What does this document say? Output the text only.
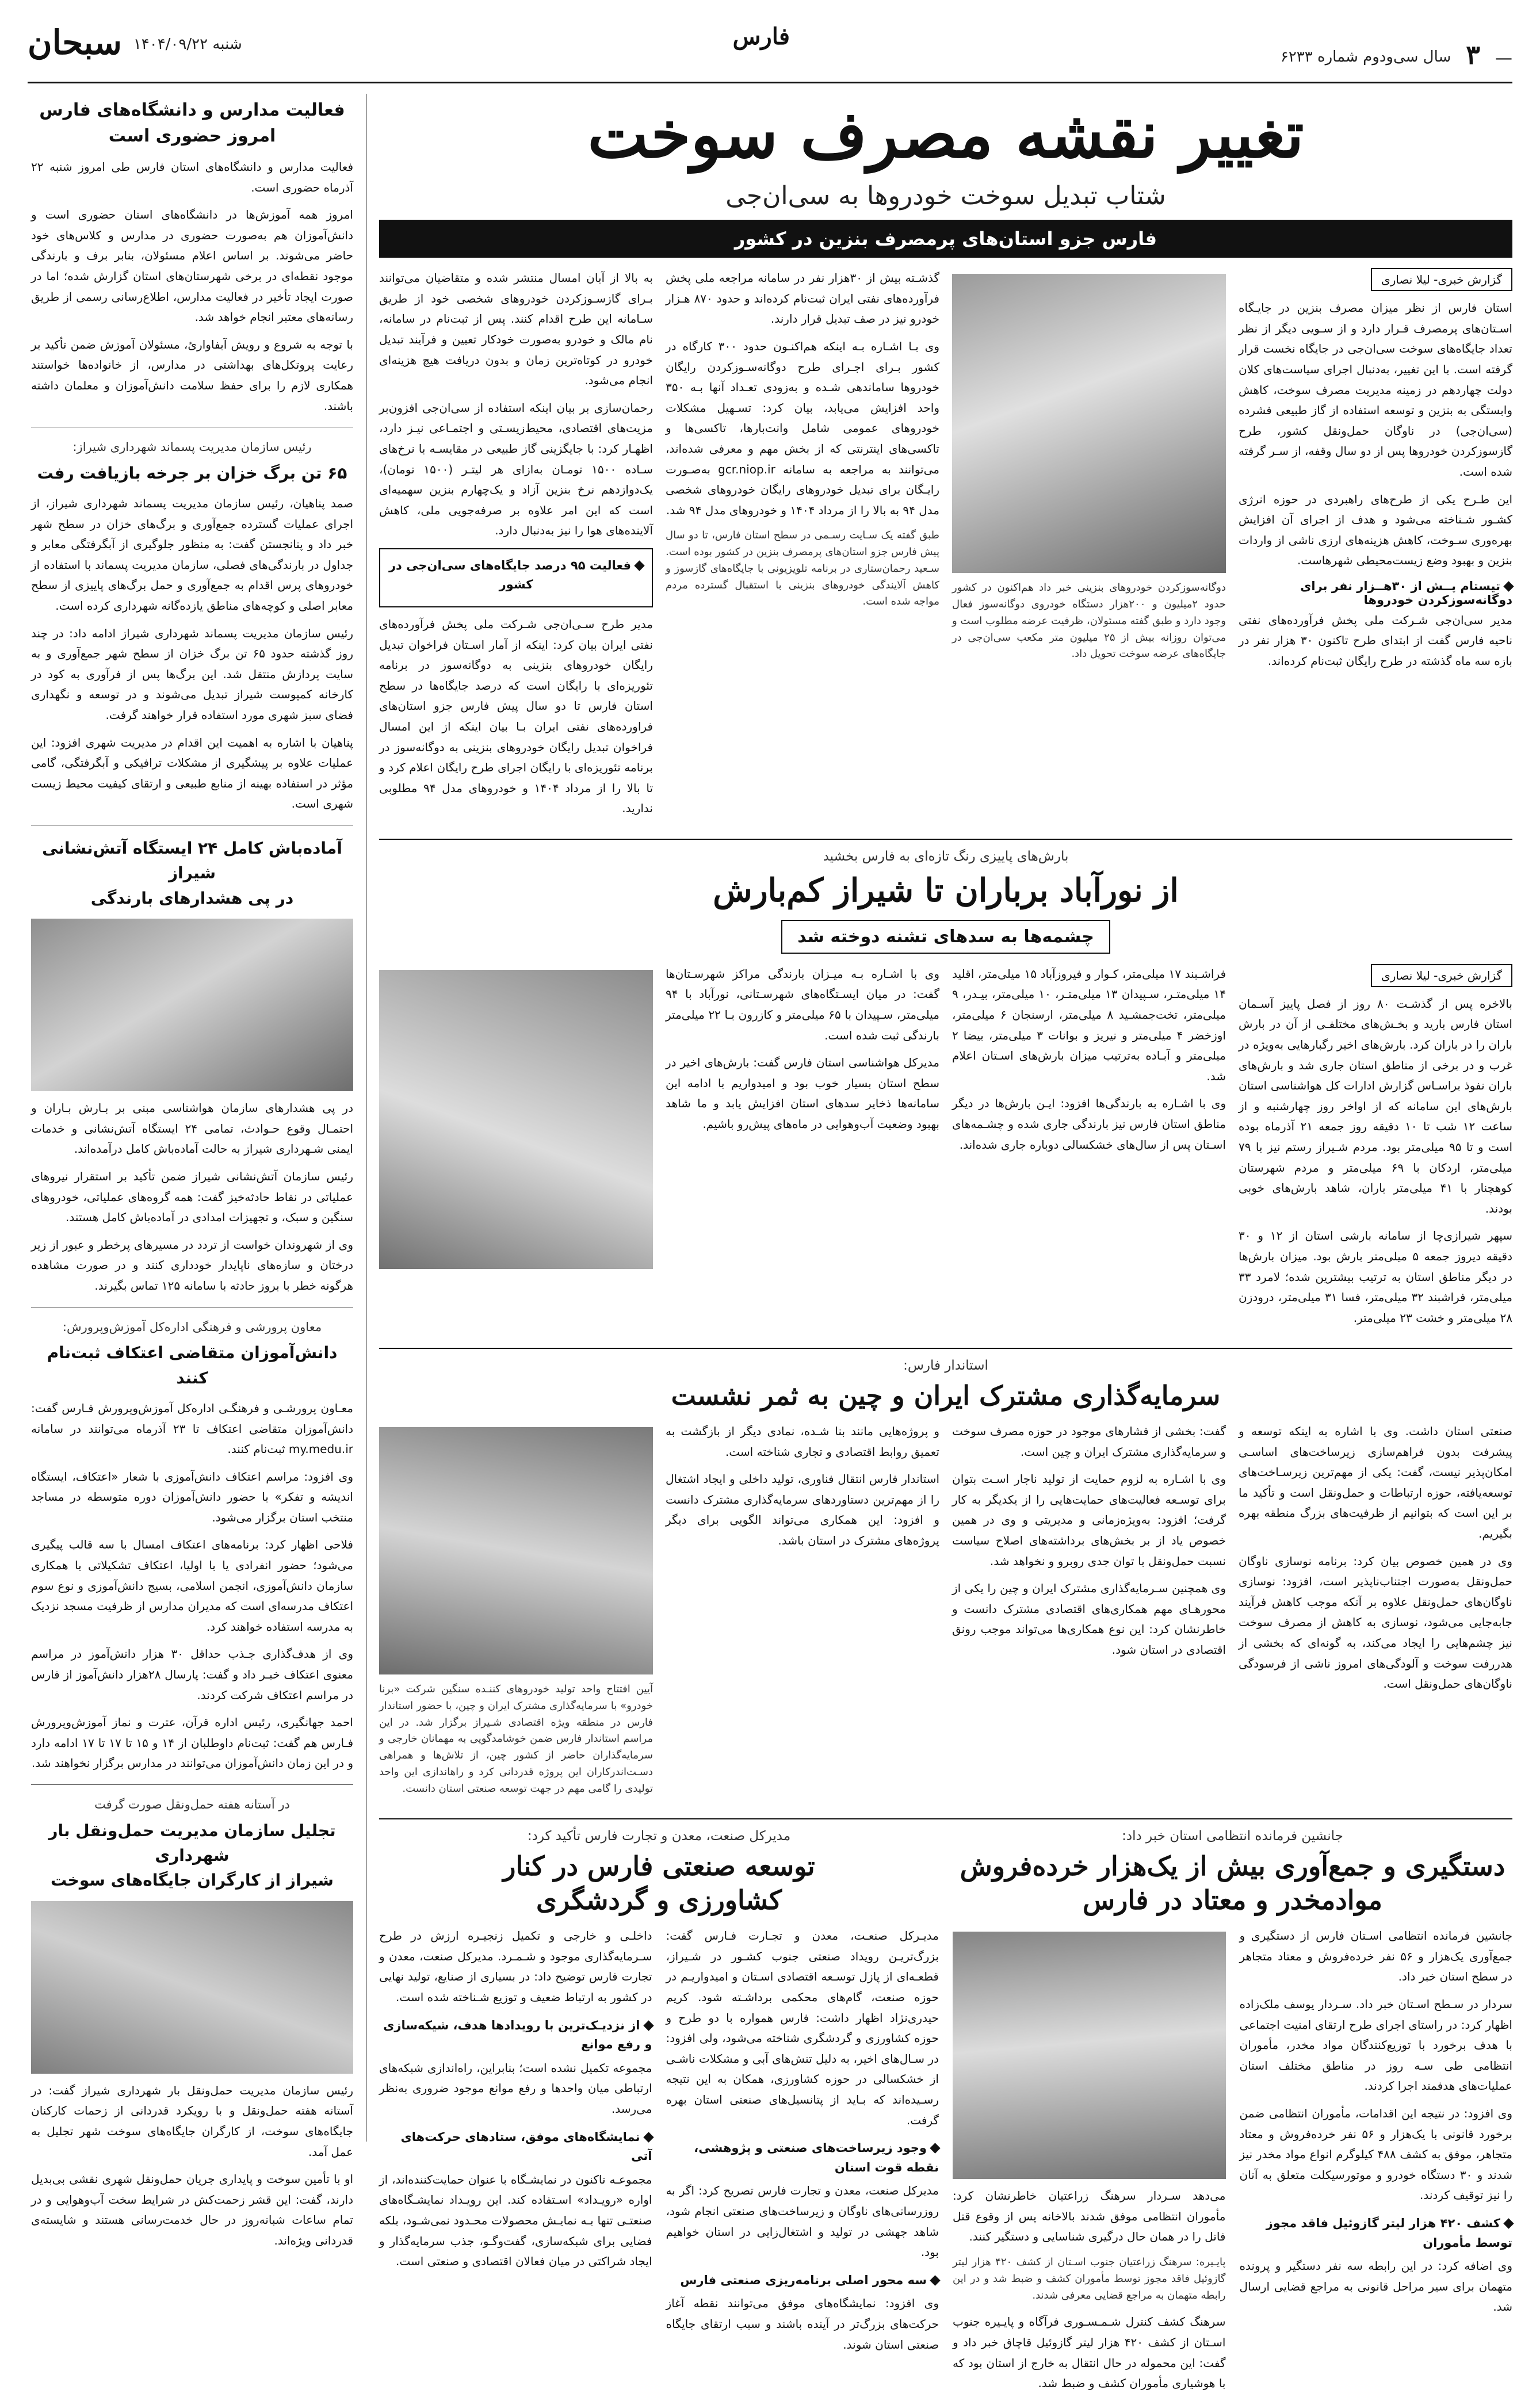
—
۳
سال سی‌ودوم شماره ۶۲۳۳
فارس
شنبه ۱۴۰۴/۰۹/۲۲
سبحان
تغییر نقشه مصرف سوخت
شتاب تبدیل سوخت خودروها به سی‌ان‌جی
فارس جزو استان‌های پرمصرف بنزین در کشور
گزارش خبری- لیلا نصاری

استان فارس از نظر میزان مصرف بنزین در جایـگاه اسـتان‌های پرمصرف قـرار دارد و از سـویی دیگر از نظر تعداد جایگاه‌های سوخت سی‌ان‌جی در جایگاه نخست قرار گرفته است. با این تغییر، به‌دنبال اجرای سیاست‌های کلان دولت چهاردهم در زمینه مدیریت مصرف سوخت، کاهش وابستگی به بنزین و توسعه استفاده از گاز طبیعی فشرده (سی‌ان‌جی) در ناوگان حمل‌ونقل کشور، طرح گازسوزکردن خودروها پس از دو سال وقفه، از سـر گرفته شده است.

این طـرح یکی از طرح‌های راهبردی در حوزه انرژی کشـور شـناخته می‌شود و هدف از اجرای آن افزایش بهره‌وری سـوخت، کاهش هزینه‌های ارزی ناشی از واردات بنزین و بهبود وضع زیست‌محیطی شهرهاست.

تیستام پــش از ۳۰هــزار نفر برای دوگانه‌سوزکردن خودروها

مدیر سی‌ان‌جی شـرکت ملی پخش فرآورده‌های نفتی ناحیه فارس گفت از ابتدای طرح تاکنون ۳۰ هزار نفر در بازه سه ماه گذشته در طرح رایگان ثبت‌نام کرده‌اند.

دوگانه‌سوزکردن خودروهای بنزینی خبر داد هم‌اکنون در کشور حدود ۲میلیون و ۲۰۰هزار دستگاه خودروی دوگانه‌سوز فعال وجود دارد و طبق گفته مسئولان، ظرفیت عرضه مطلوب است و می‌توان روزانه بیش از ۲۵ میلیون متر مکعب سی‌ان‌جی در جایگاه‌های عرضه سوخت تحویل داد.

گذشـته بیش از ۳۰هزار نفر در سامانه مراجعه ملی پخش فرآورده‌های نفتی ایران ثبت‌نام کرده‌اند و حدود ۸۷۰ هـزار خودرو نیز در صف تبدیل قرار دارند.

وی بـا اشـاره بـه اینکه هم‌اکنـون حدود ۳۰۰ کارگاه در کشور بـرای اجـرای طرح دوگانه‌سـوزکردن رایگان خودروها ساماندهی شـده و به‌زودی تعـداد آنها بـه ۳۵۰ واحد افزایش می‌یابد، بیان کرد: تسـهیل مشکلات خودروهای عمومی شامل وانت‌بارها، تاکسی‌ها و تاکسی‌های اینترنتی که از بخش مهم و معرفی شده‌اند، می‌توانند به مراجعه به سامانه gcr.niop.ir به‌صـورت رایـگان برای تبدیل خودروهای رایگان خودروهای شخصی مدل ۹۴ به بالا را از مرداد ۱۴۰۴ و خودروهای مدل ۹۴ شد.

طبق گفته یک سـایت رسـمی در سطح استان فارس، تا دو سال پیش فارس جزو استان‌های پرمصرف بنزین در کشور بوده است. سـعید رحمان‌ستاری در برنامه تلویزیونی با جایگاه‌های گازسوز و کاهش آلایندگی خودروهای بنزینی با استقبال گسترده مردم مواجه شده است.

به بالا از آبان امسال منتشر شده و متقاضیان می‌توانند بـرای گازسـوزکردن خودروهای شخصی خود از طریق سـامانه این طرح اقدام کنند. پس از ثبت‌نام در سامانه، نام مالک و خودرو به‌صورت خودکار تعیین و فرآیند تبدیل خودرو در کوتاه‌ترین زمان و بدون دریافت هیچ هزینه‌ای انجام می‌شود.

رحمان‌سازی بر بیان اینکه استفاده از سی‌ان‌جی افزون‌بر مزیت‌های اقتصادی، محیط‌زیسـتی و اجتمـاعی نیـز دارد، اظهـار کرد: با جایگزینی گاز طبیعی در مقایسـه با نرخ‌های سـاده ۱۵۰۰ تومـان به‌ازای هر لیتـر (۱۵۰۰ تومان)، یک‌دوازدهم نرخ بنزین آزاد و یک‌چهارم بنزین سهمیه‌ای است که این امر علاوه بر صرفه‌جویی ملی، کاهش آلاینده‌های هوا را نیز به‌دنبال دارد.

فعالیت ۹۵ درصد جایگاه‌های سی‌ان‌جی در کشور

مدیر طرح سـی‌ان‌جی شـرکت ملی پخش فرآورده‌های نفتی ایران بیان کرد: اینکه از آمار اسـتان فراخوان تبدیل رایگان خودروهای بنزینی به دوگانه‌سوز در برنامه تئوریزه‌ای با رایگان است که درصد جایگاه‌ها در سطح استان فارس تا دو سال پیش فارس جزو استان‌های فراورده‌های نفتی ایران بـا بیان اینکه از این امسال فراخوان تبدیل رایگان خودروهای بنزینی به دوگانه‌سوز در برنامه تئوریزه‌ای با رایگان اجرای طرح رایگان اعلام کرد و تا بالا را از مرداد ۱۴۰۴ و خودروهای مدل ۹۴ مطلوبی ندارید.

بارش‌های پاییزی رنگ تازه‌ای به فارس بخشید
از نورآباد برباران تا شیراز کم‌بارش
چشمه‌ها به سدهای تشنه دوخته شد
گزارش خبری- لیلا نصاری

بالاخره پس از گذشـت ۸۰ روز از فصل پاییز آسـمان استان فارس بارید و بخـش‌های مختلفـی از آن در بارش باران را در باران کرد. بارش‌های اخیر رگبارهایی به‌ویژه در غرب و در برخی از مناطق استان جاری شد و بارش‌های باران نفوذ براسـاس گزارش ادارات کل هواشناسی استان بارش‌های این سامانه که از اواخر روز چهارشنبه و از ساعت ۱۲ شب تا ۱۰ دقیقه روز جمعه ۲۱ آذرماه بوده است و تا ۹۵ میلی‌متر بود. مردم شـیراز رستم نیز با ۷۹ میلی‌متر، اردکان با ۶۹ میلی‌متر و مردم شهرستان کوهچنار با ۴۱ میلی‌متر باران، شاهد بارش‌های خوبی بودند.

سپهر شیرازی‌چا از سامانه بارشی استان از ۱۲ و ۳۰ دقیقه دیروز جمعه ۵ میلی‌متر بارش بود. میزان بارش‌ها در دیگر مناطق استان به ترتیب بیشترین شده؛ لامرد ۳۳ میلی‌متر، فراشبند ۳۲ میلی‌متر، فسا ۳۱ میلی‌متر، درودزن ۲۸ میلی‌متر و خشت ۲۳ میلی‌متر.

فراشـبند ۱۷ میلی‌متر، کـوار و فیروزآباد ۱۵ میلی‌متر، اقلید ۱۴ میلی‌متـر، سـپیدان ۱۳ میلی‌متـر، ۱۰ میلی‌متر، بیـدر، ۹ میلی‌متر، تخت‌جمشـید ۸ میلی‌متر، ارسنجان ۶ میلی‌متر، اوزخضر ۴ میلی‌متر و نیریز و بوانات ۳ میلی‌متر، بیضا ۲ میلی‌متر و آبـاده به‌ترتیب میزان بارش‌های اسـتان اعلام شد.

وی با اشـاره به بارندگی‌ها افزود: ایـن بارش‌ها در دیگر مناطق استان فارس نیز بارندگی جاری شده و چشـمه‌های اسـتان پس از سال‌های خشکسالی دوباره جاری شده‌اند.

وی با اشـاره بـه میـزان بارندگی مراکز شهرسـتان‌ها گفت: در میان ایسـتگاه‌های شهرسـتانی، نورآباد با ۹۴ میلی‌متر، سـپیدان با ۶۵ میلی‌متر و کازرون بـا ۲۲ میلی‌متر بارندگی ثبت شده است.

مدیرکل هواشناسی استان فارس گفت: بارش‌های اخیر در سطح استان بسیار خوب بود و امیدواریم با ادامه این سامانه‌ها ذخایر سدهای استان افزایش یابد و ما شاهد بهبود وضعیت آب‌وهوایی در ماه‌های پیش‌رو باشیم.

استاندار فارس:
سرمایه‌گذاری مشترک ایران و چین به ثمر نشست

صنعتی استان داشت. وی با اشاره به اینکه توسعه و پیشرفت بدون فراهم‌سازی زیرساخت‌های اساسـی امکان‌پذیر نیست، گفت: یکی از مهم‌ترین زیرسـاخت‌های توسعه‌یافته، حوزه ارتباطات و حمل‌ونقل است و تأکید ما بر این است که بتوانیم از ظرفیت‌های بزرگ منطقه بهره بگیریم.

وی در همین خصوص بیان کرد: برنامه نوسازی ناوگان حمل‌ونقل به‌صورت اجتناب‌ناپذیر است، افزود: نوسازی ناوگان‌های حمل‌ونقل علاوه بر آنکه موجب کاهش فرآیند جابه‌جایی می‌شود، نوسازی به کاهش از مصرف سوخت نیز چشم‌هایی را ایجاد می‌کند، به گونه‌ای که بخشی از هدررفت سوخت و آلودگی‌های امروز ناشی از فرسودگی ناوگان‌های حمل‌ونقل است.

گفت: بخشی از فشارهای موجود در حوزه مصرف سوخت و سرمایه‌گذاری مشترک ایران و چین است.

وی با اشـاره به لزوم حمایت از تولید ناجار اسـت بتوان برای توسـعه فعالیت‌های حمایت‌هایی را از یکدیگر به کار گرفت؛ افزود: به‌ویژه‌زمانی و مدیریتی و وی در همین خصوص یاد از بر بخش‌های برداشته‌های اصلاح سیاست نسبت حمل‌ونقل با توان جدی روبرو و نخواهد شد.

وی همچنین سـرمایه‌گذاری مشترک ایران و چین را یکی از محورهـای مهم همکاری‌های اقتصادی مشترک دانست و خاطرنشان کرد: این نوع همکاری‌ها می‌تواند موجب رونق اقتصادی در استان شود.

و پروژه‌هایی مانند بنا شـده، نمادی دیگر از بازگشت به تعمیق روابط اقتصادی و تجاری شناخته است.

استاندار فارس انتقال فناوری، تولید داخلی و ایجاد اشتغال را از مهم‌ترین دستاوردهای سرمایه‌گذاری مشترک دانست و افزود: این همکاری می‌تواند الگویی برای دیگر پروژه‌های مشترک در استان باشد.

آیین افتتاح واحد تولید خودروهای کننـده سنگین شرکت «برنا خودرو» با سرمایه‌گذاری مشترک ایران و چین، با حضور استاندار فارس در منطقه ویژه اقتصادی شـیراز برگزار شد. در این مراسم استاندار فارس ضمن خوشامدگویی به مهمانان خارجی و سرمایه‌گذاران حاضر از کشور چین، از تلاش‌ها و همراهی دسـت‌اندرکاران این پروژه قدردانی کرد و راهاندازی این واحد تولیدی را گامی مهم در جهت توسعه صنعتی استان دانست.

جانشین فرمانده انتظامی استان خبر داد:
دستگیری و جمع‌آوری بیش از یک‌هزار خرده‌فروش
موادمخدر و معتاد در فارس

جانشین فرمانده انتظامی اسـتان فارس از دستگیری و جمع‌آوری یک‌هزار و ۵۶ نفر خرده‌فروش و معتاد متجاهر در سطح استان خبر داد.

سردار در سـطح اسـتان خبر داد. سـردار یوسف ملک‌زاده اظهار کرد: در راستای اجرای طرح ارتقای امنیت اجتماعی با هدف برخورد با توزیع‌کنندگان مواد مخدر، مأموران انتظامی طی سـه روز در مناطق مختلف استان عملیات‌های هدفمند اجرا کردند.

وی افزود: در نتیجه این اقدامات، مأموران انتظامی ضمن برخورد قانونی با یک‌هزار و ۵۶ نفر خرده‌فروش و معتاد متجاهر، موفق به کشف ۴۸۸ کیلوگرم انواع مواد مخدر نیز شدند و ۳۰ دستگاه خودرو و موتورسیکلت متعلق به آنان را نیز توقیف کردند.

کشف ۴۲۰ هزار لیتر گازوئیل فاقد مجوز توسط مأموران

وی اضافه کرد: در این رابطه سه نفر دستگیر و پرونده متهمان برای سیر مراحل قانونی به مراجع قضایی ارسال شد.

می‌دهد سـردار سرهنگ زراعتیان خاطرنشان کرد: مأموران انتظامی موفق شدند بالاخانه پس از وقوع قتل فاتل را در همان حال درگیری شناسایی و دستگیر کنند.

پایـیره: سرهنگ زراعتیان جنوب اسـتان از کشف ۴۲۰ هزار لیتر گازوئیل فاقد مجوز توسط مأموران کشف و ضبط شد و در این رابطه متهمان به مراجع قضایی معرفی شدند.

سرهنگ کشف کنترل شـمـسـوری فرآگاه و پایـیره جنوب اسـتان از کشف ۴۲۰ هزار لیتر گازوئیل قاچاق خبر داد و گفت: این محموله در حال انتقال به خارج از استان بود که با هوشیاری مأموران کشف و ضبط شد.

مدیرکل صنعت، معدن و تجارت فارس تأکید کرد:
توسعه صنعتی فارس در کنار
کشاورزی و گردشگری

مدیـرکل صنعـت، معدن و تجـارت فـارس گفت: بزرگ‌تریـن رویداد صنعتی جنوب کشـور در شـیراز، قطعـه‌ای از پازل توسـعه اقتصادی اسـتان و امیدواریـم در حوزه صنعت، گام‌های محکمی برداشـته شود. کریم حیدری‌نژاد اظهار داشت: فارس همواره با دو طرح و حوزه کشاورزی و گردشگری شناخته می‌شود، ولی افزود: در سـال‌های اخیر، به دلیل تنش‌های آبی و مشکلات ناشـی از خشکسالی در حوزه کشاورزی، همکان به این نتیجه رسـیده‌اند که بـاید از پتانسیل‌های صنعتی استان بهره گرفت.

وجود زیرساخت‌های صنعتی و پژوهشی، نقطه قوت استان

مدیرکل صنعت، معدن و تجارت فارس تصریح کرد: اگر به روزرسانی‌های ناوگان و زیرساخت‌های صنعتی انجام شود، شاهد جهشی در تولید و اشتغال‌زایی در استان خواهیم بود.

سه محور اصلی برنامه‌ریزی صنعتی فارس

وی افزود: نمایشگاه‌های موفق می‌توانند نقطه آغاز حرکت‌های بزرگ‌تر در آینده باشند و سبب ارتقای جایگاه صنعتی استان شوند.

داخلـی و خارجی و تکمیل زنجیـره ارزش در طرح سـرمایه‌گذاری موجود و شـمـرد. مدیرکل صنعت، معدن و تجارت فارس توضیح داد: در بسیاری از صنایع، تولید نهایی در کشور به ارتباط ضعیف و توزیع شـناخته شده است.

از نزدیـک‌ترین با رویدادها هدف، شیکه‌سازی و رفع موانع

مجموعه تکمیل نشده است؛ بنابراین، راه‌اندازی شبکه‌های ارتباطی میان واحدها و رفع موانع موجود ضروری به‌نظر می‌رسد.

نمایشگاه‌های موفق، ستادهای حرکت‌های آتی

مجموعـه تاکنون در نمایشـگاه با عنوان حمایت‌کننده‌اند، از اواره «رویـداد» اسـتفاده کند. این رویـداد نمایشـگاه‌های صنعتـی تنها بـه نمایـش محصولات محـدود نمی‌شـود، بلکه فضایی برای شبکه‌سازی، گفت‌وگـو، جذب سرمایه‌گذار و ایجاد شراکتی در میان فعالان اقتصادی و صنعتی است.

فعالیت مدارس و دانشگاه‌های فارس
امروز حضوری است

فعالیت مدارس و دانشگاه‌های استان فارس طی امروز شنبه ۲۲ آذرماه حضوری است.

امروز همه آموزش‌ها در دانشگاه‌های استان حضوری است و دانش‌آموزان هم به‌صورت حضوری در مدارس و کلاس‌های خود حاضر می‌شوند. بر اساس اعلام مسئولان، بنابر برف و بارندگی موجود نقطه‌ای در برخی شهرستان‌های استان گزارش شده؛ اما در صورت ایجاد تأخیر در فعالیت مدارس، اطلاع‌رسانی رسمی از طریق رسانه‌های معتبر انجام خواهد شد.

با توجه به شروع و رویش آبفاوارئ، مسئولان آموزش ضمن تأکید بر رعایت پروتکل‌های بهداشتی در مدارس، از خانواده‌ها خواستند همکاری لازم را برای حفظ سلامت دانش‌آموزان و معلمان داشته باشند.

رئیس سازمان مدیریت پسماند شهرداری شیراز:
۶۵ تن برگ خزان بر جرخه بازیافت رفت

صمد پناهیان، رئیس سازمان مدیریت پسماند شهرداری شیراز، از اجرای عملیات گسترده جمع‌آوری و برگ‌های خزان در سطح شهر خبر داد و پنانجستن گفت: به منظور جلوگیری از آبگرفتگی معابر و جداول در بارندگی‌های فصلی، سازمان مدیریت پسماند با استفاده از خودروهای پرس اقدام به جمع‌آوری و حمل برگ‌های پاییزی از سطح معابر اصلی و کوچه‌های مناطق یازده‌گانه شهرداری کرده است.

رئیس سازمان مدیریت پسماند شهرداری شیراز ادامه داد: در چند روز گذشته حدود ۶۵ تن برگ خزان از سطح شهر جمع‌آوری و به سایت پردازش منتقل شد. این برگ‌ها پس از فرآوری به کود در کارخانه کمپوست شیراز تبدیل می‌شوند و در توسعه و نگهداری فضای سبز شهری مورد استفاده قرار خواهند گرفت.

پناهیان با اشاره به اهمیت این اقدام در مدیریت شهری افزود: این عملیات علاوه بر پیشگیری از مشکلات ترافیکی و آبگرفتگی، گامی مؤثر در استفاده بهینه از منابع طبیعی و ارتقای کیفیت محیط زیست شهری است.

آماده‌باش کامل ۲۴ ایستگاه آتش‌نشانی شیراز
در پی هشدارهای بارندگی

در پی هشدارهای سازمان هواشناسی مبنی بر بـارش بـاران و احتمـال وقوع حـوادث، تمامی ۲۴ ایستگاه آتش‌نشانی و خدمات ایمنی شـهرداری شیراز به حالت آماده‌باش کامل درآمده‌اند.

رئیس سازمان آتش‌نشانی شیراز ضمن تأکید بر استقرار نیروهای عملیاتی در نقاط حادثه‌خیز گفت: همه گروه‌های عملیاتی، خودروهای سنگین و سبک، و تجهیزات امدادی در آماده‌باش کامل هستند.

وی از شهروندان خواست از تردد در مسیرهای پرخطر و عبور از زیر درختان و سازه‌های ناپایدار خودداری کنند و در صورت مشاهده هرگونه خطر با بروز حادثه با سامانه ۱۲۵ تماس بگیرند.

معاون پرورشی و فرهنگی اداره‌کل آموزش‌وپرورش:
دانش‌آموزان متقاضی اعتکاف ثبت‌نام کنند

معـاون پرورشـی و فرهنگـی اداره‌کل آموزش‌وپرورش فـارس گفت: دانش‌آموزان متقاضی اعتکاف تا ۲۳ آذرماه می‌توانند در سامانه my.medu.ir ثبت‌نام کنند.

وی افزود: مراسم اعتکاف دانش‌آموزی با شعار «اعتکاف، ایستگاه اندیشه و تفکر» با حضور دانش‌آموزان دوره متوسطه در مساجد منتخب استان برگزار می‌شود.

فلاحی اظهار کرد: برنامه‌های اعتکاف امسال با سه قالب پیگیری می‌شود؛ حضور انفرادی یا با اولیا، اعتکاف تشکیلاتی با همکاری سازمان دانش‌آموزی، انجمن اسلامی، بسیج دانش‌آموزی و نوع سوم اعتکاف مدرسه‌ای است که مدیران مدارس از ظرفیت مسجد نزدیک به مدرسه استفاده خواهند کرد.

وی از هدف‌گذاری جـذب حداقل ۳۰ هزار دانش‌آموز در مراسم معنوی اعتکاف خبـر داد و گفت: پارسال ۲۸هزار دانش‌آموز از فارس در مراسم اعتکاف شرکت کردند.

احمد جهانگیری، رئیس اداره قرآن، عترت و نماز آموزش‌وپرورش فـارس هم گفت: ثبت‌نام داوطلبان از ۱۴ و ۱۵ تا ۱۷ تا ۱۷ ادامه دارد و در این زمان دانش‌آموزان می‌توانند در مدارس برگزار نخواهند شد.

در آستانه هفته حمل‌ونقل صورت گرفت
تجلیل سازمان مدیریت حمل‌ونقل بار شهرداری
شیراز از کارگران جایگاه‌های سوخت

رئیس سازمان مدیریت حمل‌ونقل بار شهرداری شیراز گفت: در آستانه هفته حمل‌ونقل و با رویکرد قدردانی از زحمات کارکنان جایگاه‌های سوخت، از کارگران جایگاه‌های سوخت شهر تجلیل به عمل آمد.

او با تأمین سوخت و پایداری جریان حمل‌ونقل شهری نقشی بی‌بدیل دارند، گفت: این قشر زحمت‌کش در شرایط سخت آب‌وهوایی و در تمام ساعات شبانه‌روز در حال خدمت‌رسانی هستند و شایسته‌ی قدردانی ویژه‌اند.
